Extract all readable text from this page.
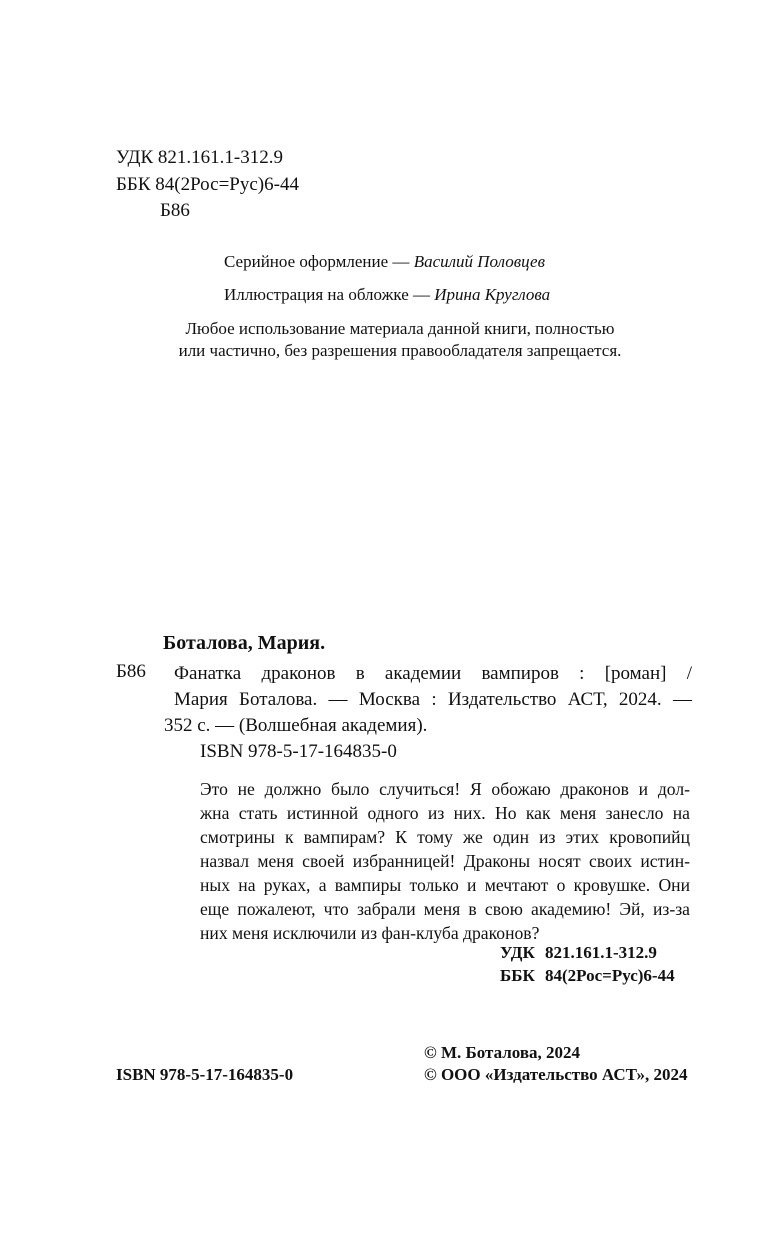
УДК 821.161.1-312.9
ББК 84(2Рос=Рус)6-44
Б86
Серийное оформление — Василий Половцев
Иллюстрация на обложке — Ирина Круглова
Любое использование материала данной книги, полностью
или частично, без разрешения правообладателя запрещается.
Боталова, Мария.
Б86 Фанатка драконов в академии вампиров : [роман] /
Мария Боталова. — Москва : Издательство АСТ, 2024. —
352 с. — (Волшебная академия).
ISBN 978-5-17-164835-0
Это не должно было случиться! Я обожаю драконов и дол-
жна стать истинной одного из них. Но как меня занесло на
смотрины к вампирам? К тому же один из этих кровопийц
назвал меня своей избранницей! Драконы носят своих истин-
ных на руках, а вампиры только и мечтают о кровушке. Они
еще пожалеют, что забрали меня в свою академию! Эй, из-за
них меня исключили из фан-клуба драконов?
УДК 821.161.1-312.9
ББК 84(2Рос=Рус)6-44
© М. Боталова, 2024
© ООО «Издательство АСТ», 2024
ISBN 978-5-17-164835-0
